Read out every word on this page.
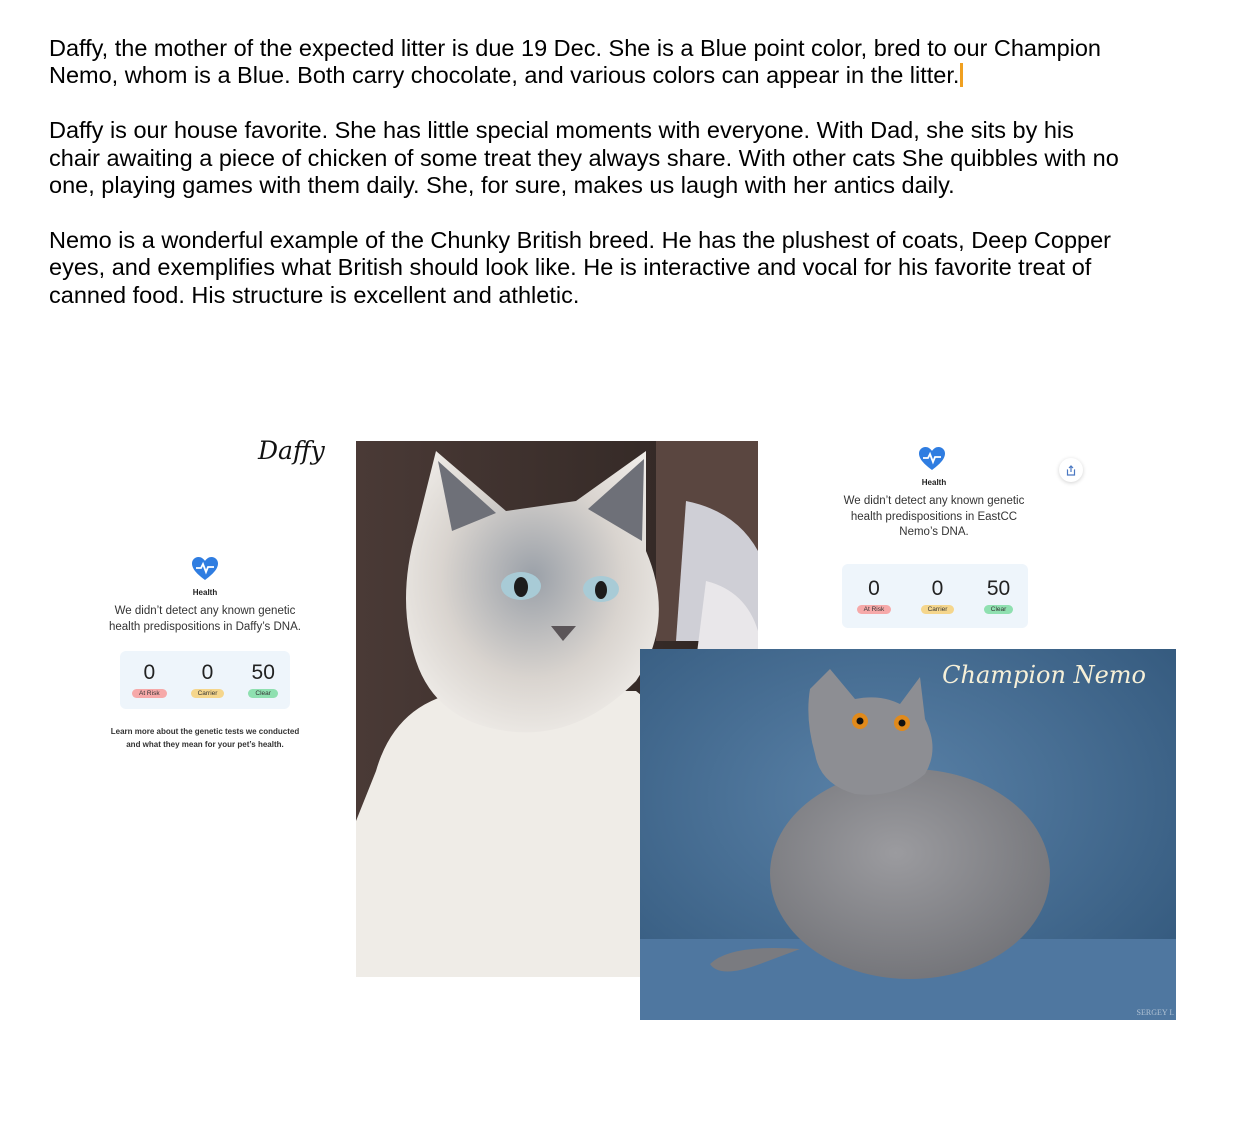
Daffy, the mother of the expected litter is due 19 Dec. She is a Blue point color, bred to our Champion Nemo, whom is a Blue. Both carry chocolate, and various colors can appear in the litter.

Daffy is our house favorite. She has little special moments with everyone. With Dad, she sits by his chair awaiting a piece of chicken of some treat they always share. With other cats She quibbles with no one, playing games with them daily. She, for sure, makes us laugh with her antics daily.

Nemo is a wonderful example of the Chunky British breed. He has the plushest of coats, Deep Copper eyes, and exemplifies what British should look like. He is interactive and vocal for his favorite treat of canned food. His structure is excellent and athletic.

Daffy
Health
We didn’t detect any known genetic
health predispositions in Daffy’s DNA.
0
At Risk
0
Carrier
50
Clear
Learn more about the genetic tests we conducted
and what they mean for your pet’s health.
Health
We didn’t detect any known genetic
health predispositions in EastCC
Nemo’s DNA.
0
At Risk
0
Carrier
50
Clear
Champion Nemo
SERGEY I.
